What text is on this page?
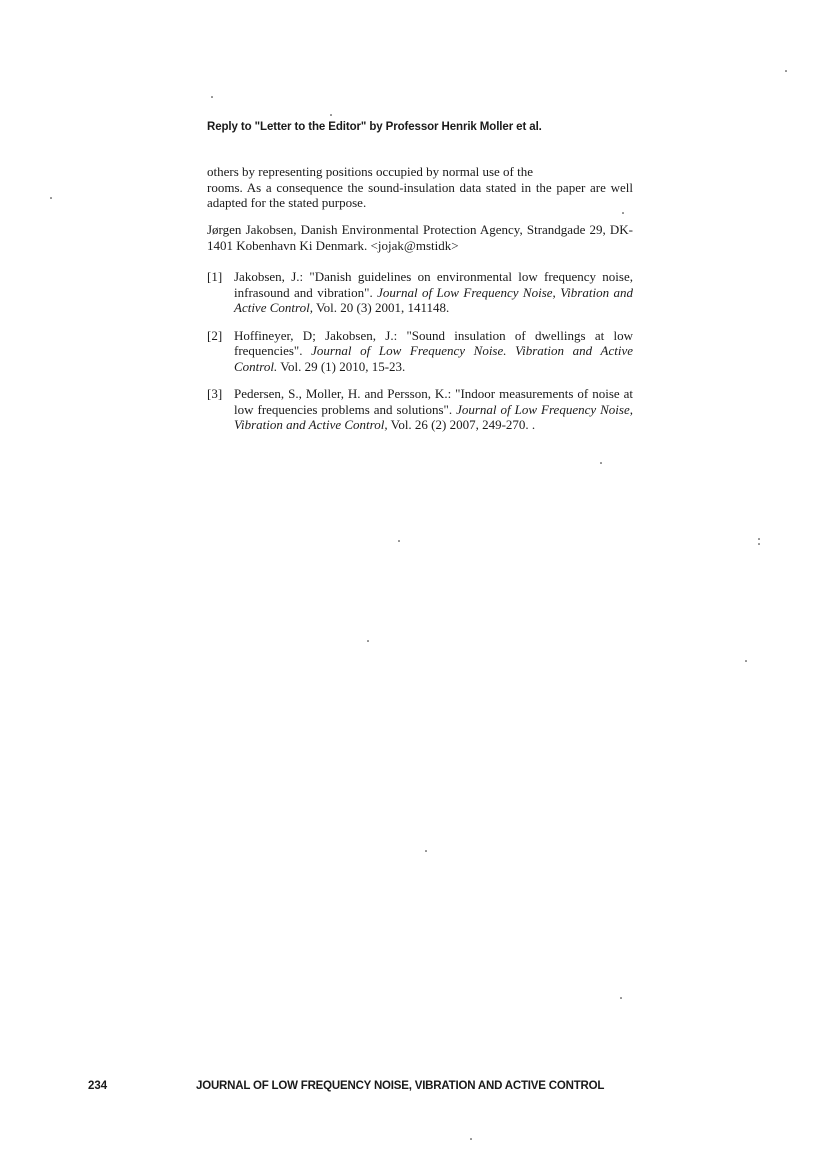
Reply to "Letter to the Editor" by Professor Henrik Moller et al.
others by representing positions occupied by normal use of the
rooms. As a consequence the sound-insulation data stated in the paper are well adapted for the stated purpose.
Jørgen Jakobsen, Danish Environmental Protection Agency, Strandgade 29, DK-1401 Kobenhavn Ki Denmark. <jojak@mstidk>
[1] Jakobsen, J.: "Danish guidelines on environmental low frequency noise, infrasound and vibration". Journal of Low Frequency Noise, Vibration and Active Control, Vol. 20 (3) 2001, 141148.
[2] Hoffineyer, D; Jakobsen, J.: "Sound insulation of dwellings at low frequencies". Journal of Low Frequency Noise. Vibration and Active Control. Vol. 29 (1) 2010, 15-23.
[3] Pedersen, S., Moller, H. and Persson, K.: "Indoor measurements of noise at low frequencies problems and solutions". Journal of Low Frequency Noise, Vibration and Active Control, Vol. 26 (2) 2007, 249-270. .
234	JOURNAL OF LOW FREQUENCY NOISE, VIBRATION AND ACTIVE CONTROL
